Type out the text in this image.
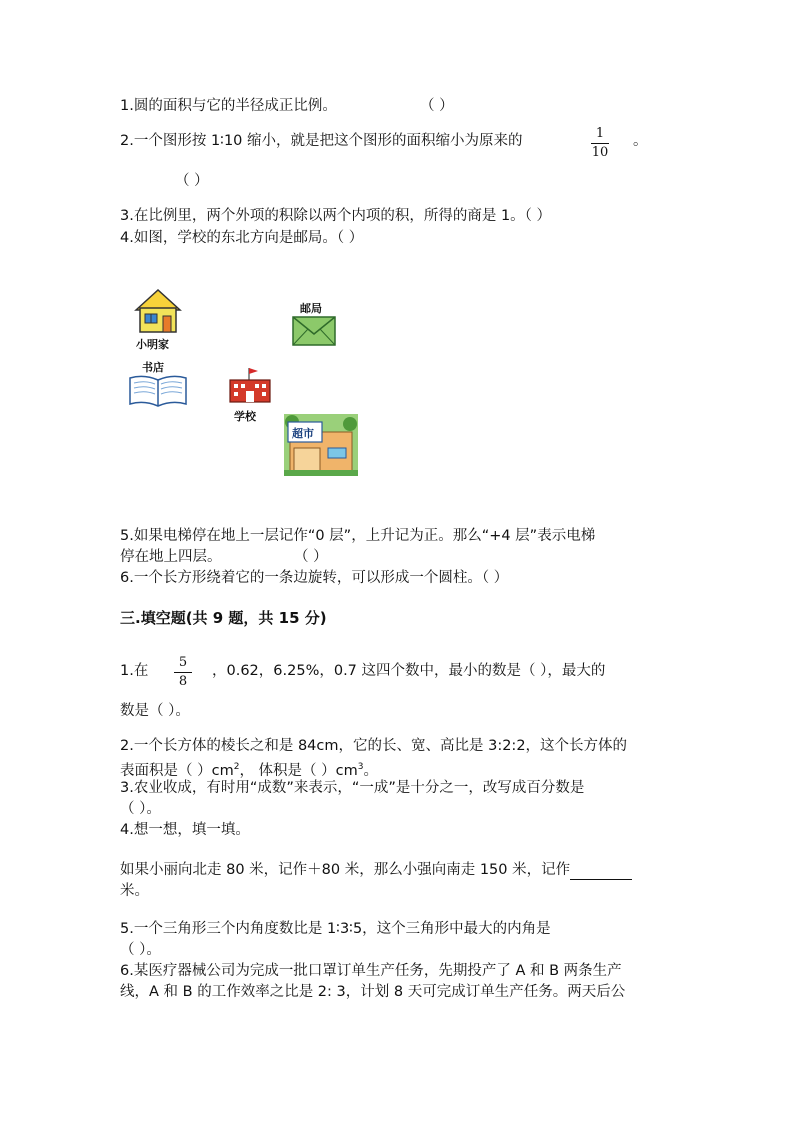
1.圆的面积与它的半径成正比例。	（ ）
2.一个图形按 1∶10 缩小，就是把这个图形的面积缩小为原来的	1
10
。
（ ）
3.在比例里，两个外项的积除以两个内项的积，所得的商是 1。（ ）
4.如图，学校的东北方向是邮局。（ ）
小明家
邮局
书店
学校
超市
5.如果电梯停在地上一层记作“0 层”，上升记为正。那么“+4 层”表示电梯
停在地上四层。	（ ）
6.一个长方形绕着它的一条边旋转，可以形成一个圆柱。（ ）
三.填空题(共 9 题，共 15 分)
1.在
5
8
，0.62，6.25%，0.7 这四个数中，最小的数是（ ），最大的
数是（ ）。
2.一个长方体的棱长之和是 84cm，它的长、宽、高比是 3:2:2，这个长方体的
表面积是（ ）$cm^2$， 体积是（ ）$cm^3$。
3.农业收成，有时用“成数”来表示，“一成”是十分之一，改写成百分数是
（ ）。
4.想一想，填一填。
如果小丽向北走 80 米，记作＋80 米，那么小强向南走 150 米，记作
米。
5.一个三角形三个内角度数比是 1∶3∶5，这个三角形中最大的内角是
（ ）。
6.某医疗器械公司为完成一批口罩订单生产任务，先期投产了 A 和 B 两条生产
线，A 和 B 的工作效率之比是 2: 3，计划 8 天可完成订单生产任务。两天后公
